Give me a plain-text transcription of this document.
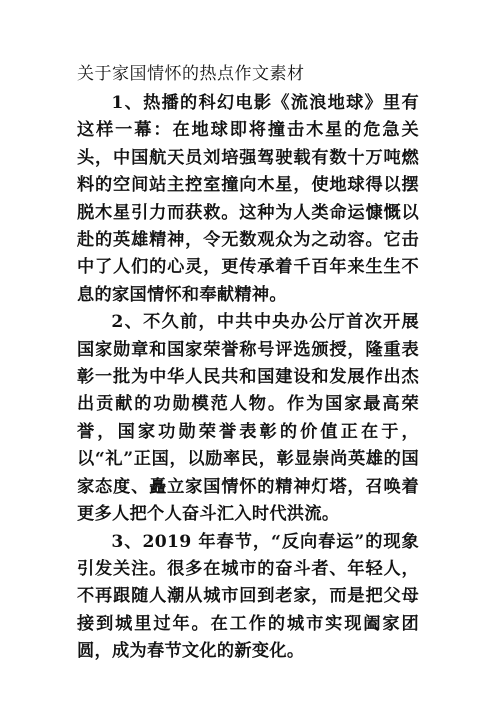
关于家国情怀的热点作文素材

1、热播的科幻电影《流浪地球》里有这样一幕：在地球即将撞击木星的危急关头，中国航天员刘培强驾驶载有数十万吨燃料的空间站主控室撞向木星，使地球得以摆脱木星引力而获救。这种为人类命运慷慨以赴的英雄精神，令无数观众为之动容。它击中了人们的心灵，更传承着千百年来生生不息的家国情怀和奉献精神。

2、不久前，中共中央办公厅首次开展国家勋章和国家荣誉称号评选颁授，隆重表彰一批为中华人民共和国建设和发展作出杰出贡献的功勋模范人物。作为国家最高荣誉，国家功勋荣誉表彰的价值正在于，以“礼”正国，以励率民，彰显崇尚英雄的国家态度、矗立家国情怀的精神灯塔，召唤着更多人把个人奋斗汇入时代洪流。

3、2019 年春节，“反向春运”的现象引发关注。很多在城市的奋斗者、年轻人，不再跟随人潮从城市回到老家，而是把父母接到城里过年。在工作的城市实现阖家团圆，成为春节文化的新变化。
